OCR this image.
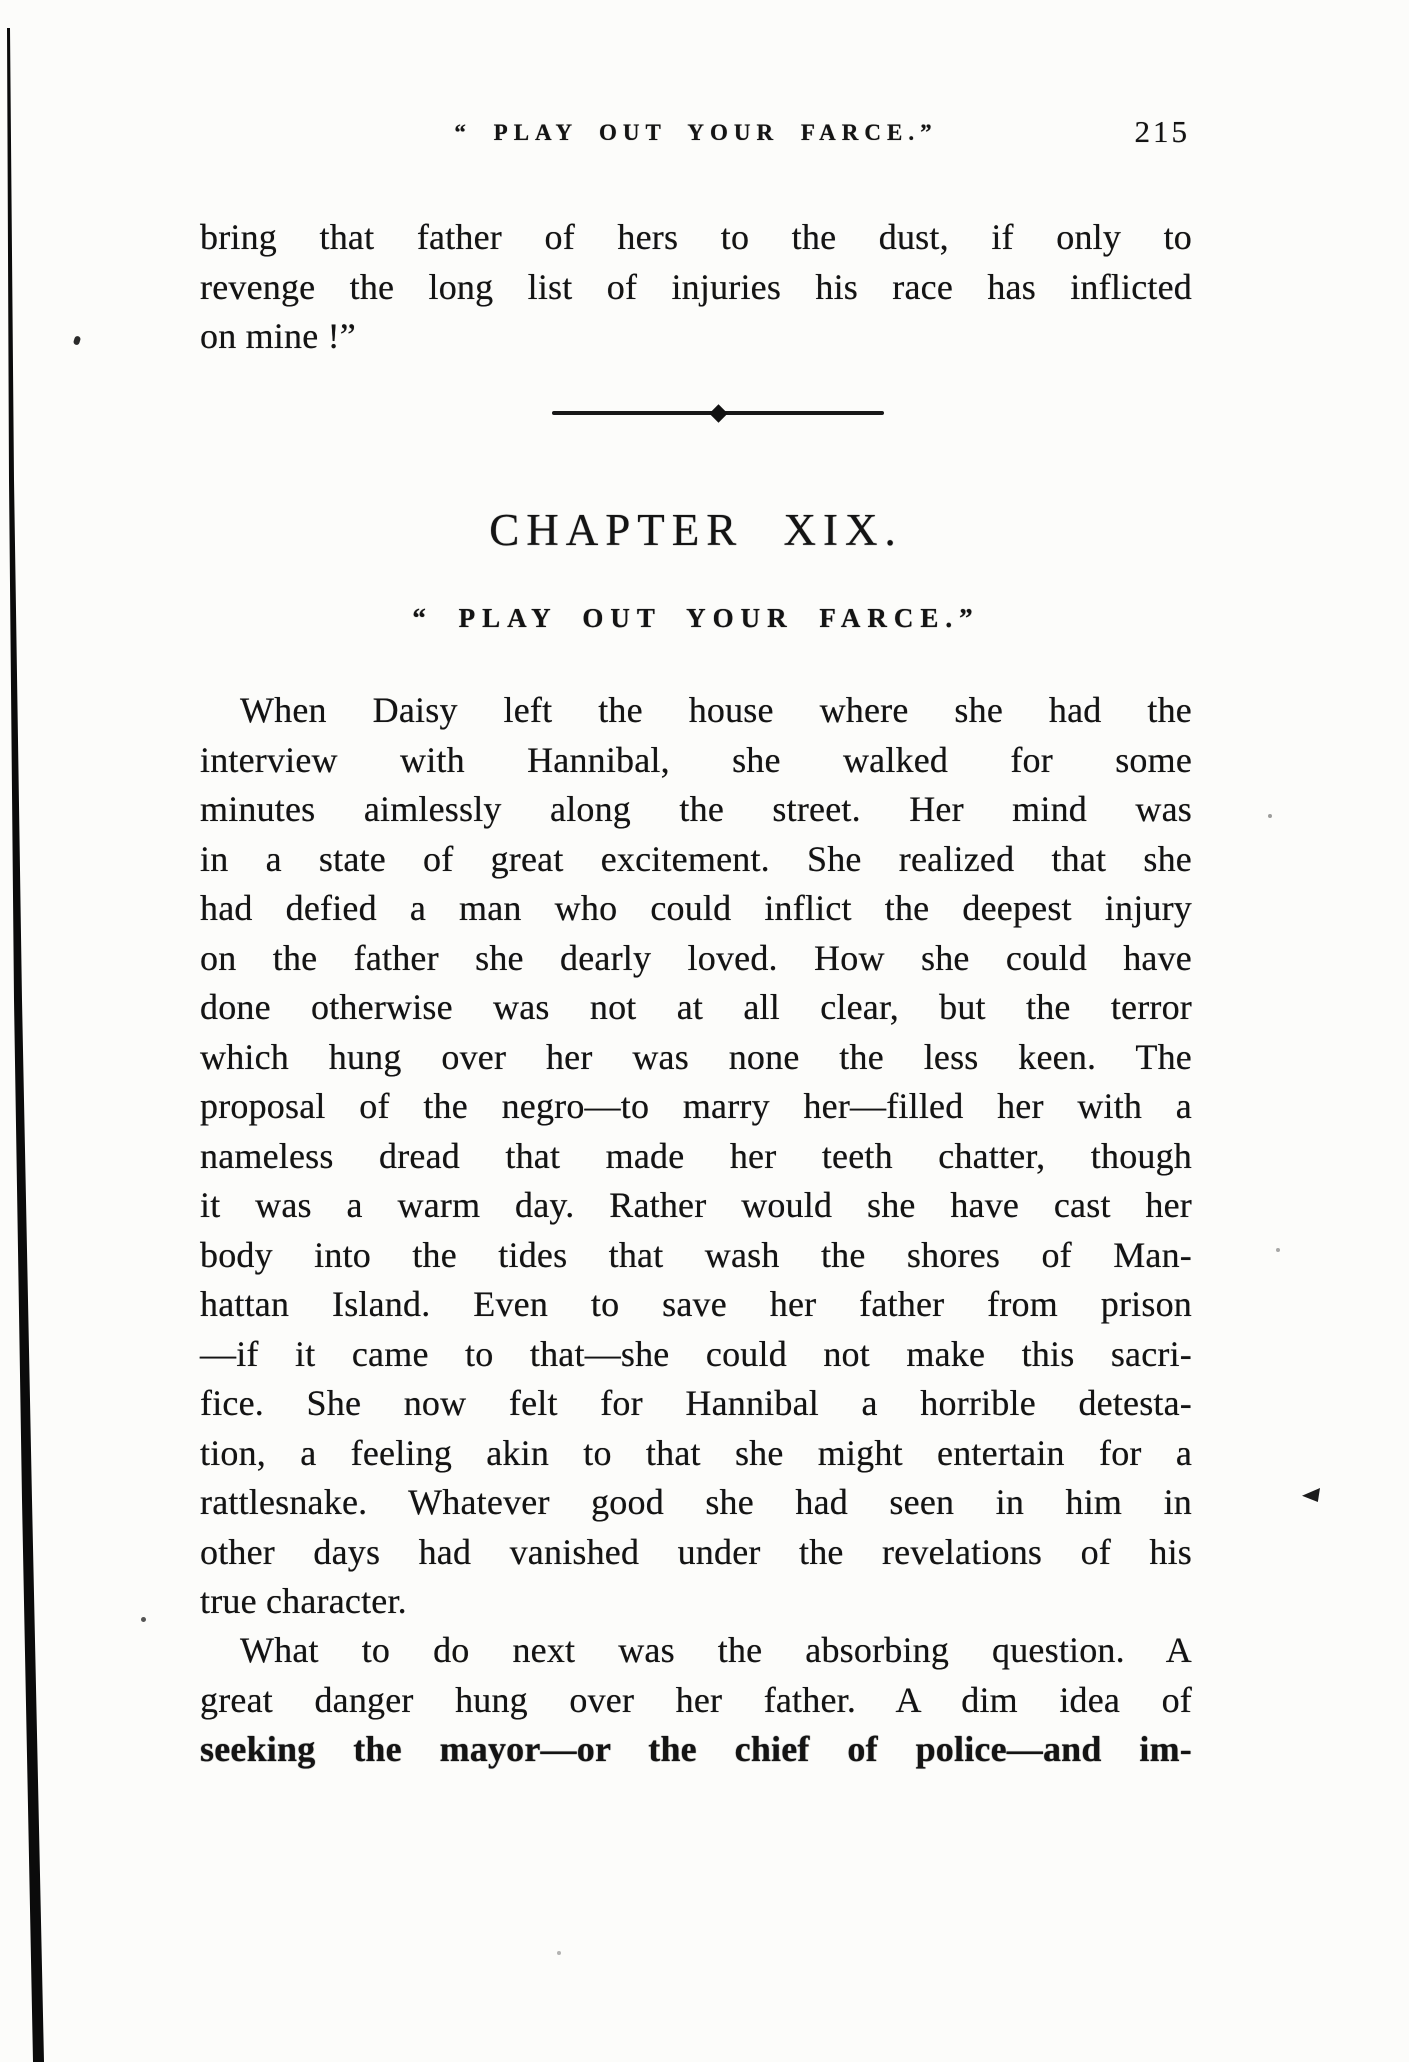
“ PLAY OUT YOUR FARCE.”	215
bring that father of hers to the dust, if only to
revenge the long list of injuries his race has inflicted
on mine !”
CHAPTER XIX.
“ PLAY OUT YOUR FARCE.”
When Daisy left the house where she had the
interview with Hannibal, she walked for some
minutes aimlessly along the street. Her mind was
in a state of great excitement. She realized that she
had defied a man who could inflict the deepest injury
on the father she dearly loved. How she could have
done otherwise was not at all clear, but the terror
which hung over her was none the less keen. The
proposal of the negro—to marry her—filled her with a
nameless dread that made her teeth chatter, though
it was a warm day. Rather would she have cast her
body into the tides that wash the shores of Man-
hattan Island. Even to save her father from prison
—if it came to that—she could not make this sacri-
fice. She now felt for Hannibal a horrible detesta-
tion, a feeling akin to that she might entertain for a
rattlesnake. Whatever good she had seen in him in
other days had vanished under the revelations of his
true character.
What to do next was the absorbing question. A
great danger hung over her father. A dim idea of
seeking the mayor—or the chief of police—and im-
